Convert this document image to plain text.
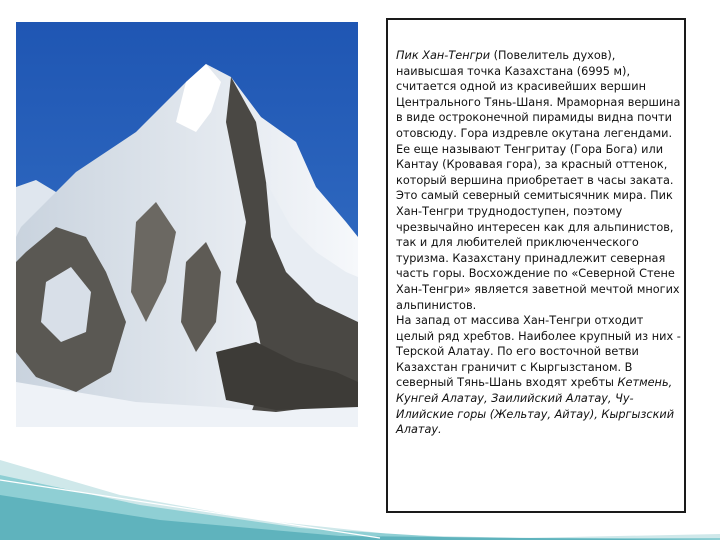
Пик Хан-Тенгри (Повелитель духов), наивысшая точка Казахстана (6995 м), считается одной из красивейших вершин Центрального Тянь-Шаня. Мраморная вершина в виде остроконечной пирамиды видна почти отовсюду. Гора издревле окутана легендами. Ее еще называют Тенгритау (Гора Бога) или Кантау (Кровавая гора), за красный оттенок, который вершина приобретает в часы заката. Это самый северный семитысячник мира. Пик Хан-Тенгри труднодоступен, поэтому чрезвычайно интересен как для альпинистов, так и для любителей приключенческого туризма. Казахстану принадлежит северная часть горы. Восхождение по «Северной Стене Хан-Тенгри» является заветной мечтой многих альпинистов.
На запад от массива Хан-Тенгри отходит целый ряд хребтов. Наиболее крупный из них - Терской Алатау. По его восточной ветви Казахстан граничит с Кыргызстаном. В северный Тянь-Шань входят хребты Кетмень, Кунгей Алатау, Заилийский Алатау, Чу-Илийские горы (Жельтау, Айтау), Кыргызский Алатау.
